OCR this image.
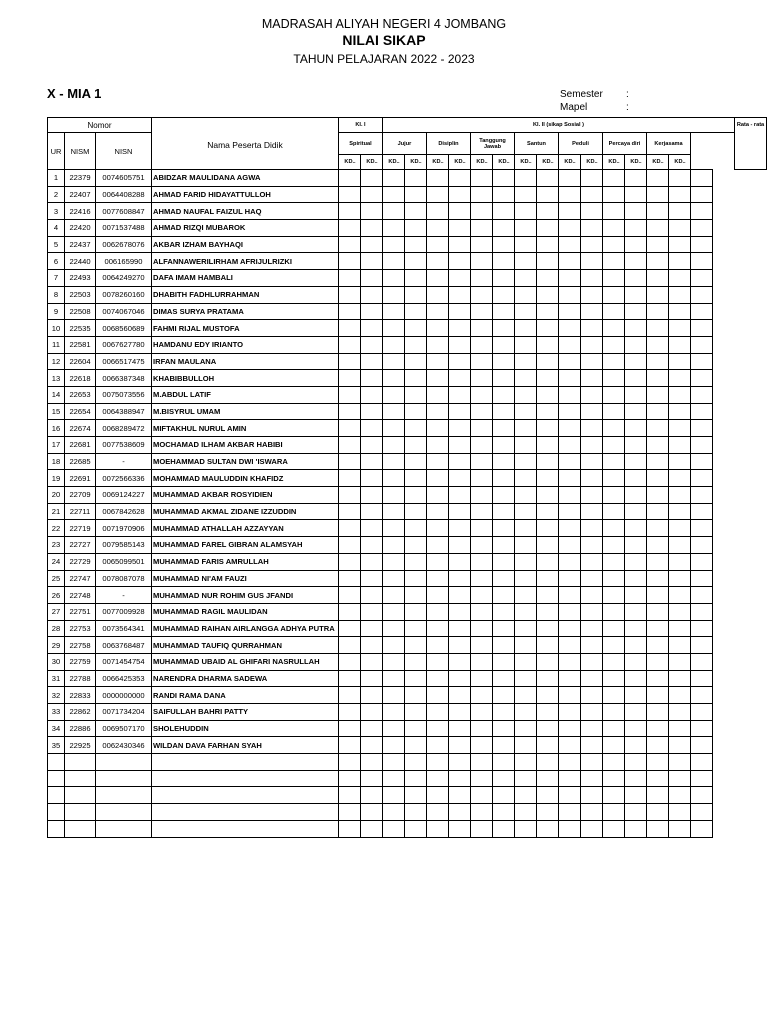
MADRASAH ALIYAH NEGERI 4 JOMBANG
NILAI SIKAP
TAHUN PELAJARAN 2022 - 2023
X - MIA 1	Semester :
Mapel	:
Nomor			Nama Peserta Didik	KI. I		KI. II (sikap Sosial )															Rata - rata
UR	NISM	NISN		Spiritual		Jujur		Disiplin		Tanggung Jawab		Santun		Peduli		Percaya diri		Kerjasama			
				KD..	KD..	KD..	KD..	KD..	KD..	KD..	KD..	KD..	KD..	KD..	KD..	KD..	KD..	KD..	KD..		
1	22379	0074605751	ABIDZAR MAULIDANA AGWA																		
2	22407	0064408288	AHMAD FARID HIDAYATTULLOH																		
3	22416	0077608847	AHMAD NAUFAL FAIZUL HAQ																		
4	22420	0071537488	AHMAD RIZQI MUBAROK																		
5	22437	0062678076	AKBAR IZHAM BAYHAQI																		
6	22440	006165990	ALFANNAWERILIRHAM AFRIJULRIZKI																		
7	22493	0064249270	DAFA IMAM HAMBALI																		
8	22503	0078260160	DHABITH FADHLURRAHMAN																		
9	22508	0074067046	DIMAS SURYA PRATAMA																		
10	22535	0068560689	FAHMI RIJAL MUSTOFA																		
11	22581	0067627780	HAMDANU EDY IRIANTO																		
12	22604	0066517475	IRFAN MAULANA																		
13	22618	0066387348	KHABIBBULLOH																		
14	22653	0075073556	M.ABDUL LATIF																		
15	22654	0064388947	M.BISYRUL UMAM																		
16	22674	0068289472	MIFTAKHUL NURUL AMIN																		
17	22681	0077538609	MOCHAMAD ILHAM AKBAR HABIBI																		
18	22685	-	MOEHAMMAD SULTAN DWI 'ISWARA																		
19	22691	0072566336	MOHAMMAD MAULUDDIN KHAFIDZ																		
20	22709	0069124227	MUHAMMAD AKBAR ROSYIDIEN																		
21	22711	0067842628	MUHAMMAD AKMAL ZIDANE IZZUDDIN																		
22	22719	0071970906	MUHAMMAD ATHALLAH AZZAYYAN																		
23	22727	0079585143	MUHAMMAD FAREL GIBRAN ALAMSYAH																		
24	22729	0065099501	MUHAMMAD FARIS AMRULLAH																		
25	22747	0078087078	MUHAMMAD NI'AM FAUZI																		
26	22748	-	MUHAMMAD NUR ROHIM GUS JFANDI																		
27	22751	0077009928	MUHAMMAD RAGIL MAULIDAN																		
28	22753	0073564341	MUHAMMAD RAIHAN AIRLANGGA ADHYA PUTRA																		
29	22758	0063768487	MUHAMMAD TAUFIQ QURRAHMAN																		
30	22759	0071454754	MUHAMMAD UBAID AL GHIFARI NASRULLAH																		
31	22788	0066425353	NARENDRA DHARMA SADEWA																		
32	22833	0000000000	RANDI RAMA DANA																		
33	22862	0071734204	SAIFULLAH BAHRI PATTY																		
34	22886	0069507170	SHOLEHUDDIN																		
35	22925	0062430346	WILDAN DAVA FARHAN SYAH																		
